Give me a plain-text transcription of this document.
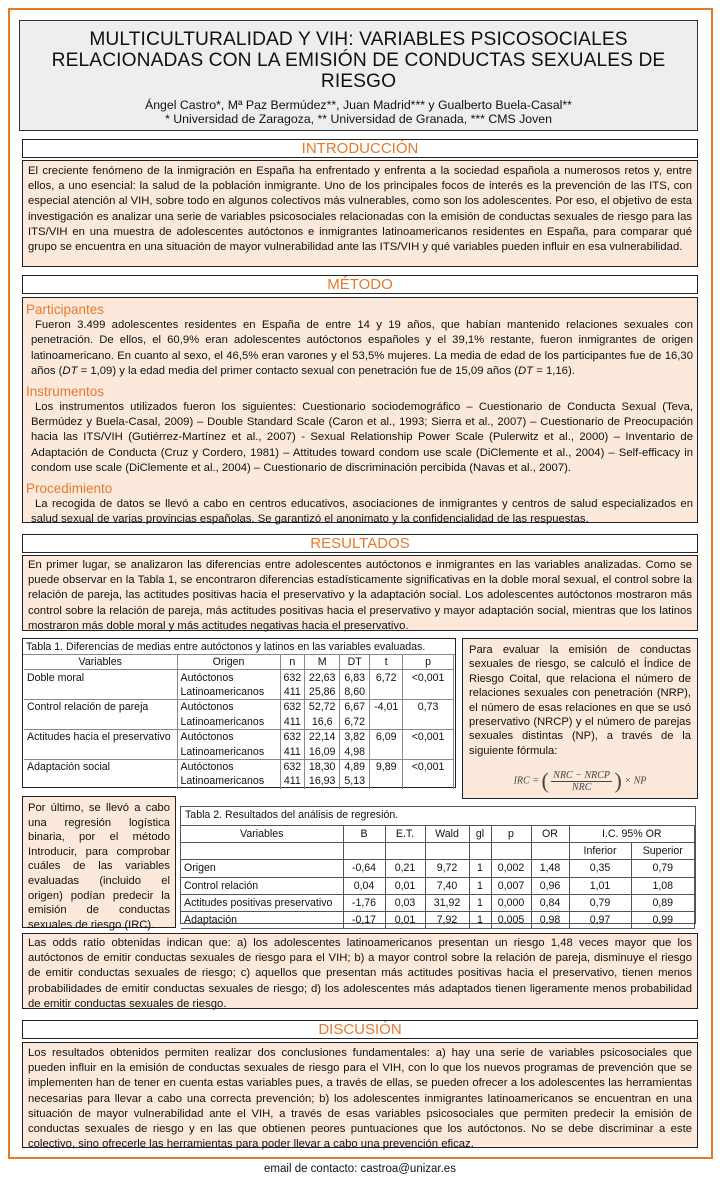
MULTICULTURALIDAD Y VIH: VARIABLES PSICOSOCIALES RELACIONADAS CON LA EMISIÓN DE CONDUCTAS SEXUALES DE RIESGO
Ángel Castro*, Mª Paz Bermúdez**, Juan Madrid*** y Gualberto Buela-Casal**
* Universidad de Zaragoza, ** Universidad de Granada, *** CMS Joven
INTRODUCCIÓN
El creciente fenómeno de la inmigración en España ha enfrentado y enfrenta a la sociedad española a numerosos retos y, entre ellos, a uno esencial: la salud de la población inmigrante. Uno de los principales focos de interés es la prevención de las ITS, con especial atención al VIH, sobre todo en algunos colectivos más vulnerables, como son los adolescentes. Por eso, el objetivo de esta investigación es analizar una serie de variables psicosociales relacionadas con la emisión de conductas sexuales de riesgo para las ITS/VIH en una muestra de adolescentes autóctonos e inmigrantes latinoamericanos residentes en España, para comparar qué grupo se encuentra en una situación de mayor vulnerabilidad ante las ITS/VIH y qué variables pueden influir en esa vulnerabilidad.
MÉTODO
Participantes
Fueron 3.499 adolescentes residentes en España de entre 14 y 19 años, que habían mantenido relaciones sexuales con penetración. De ellos, el 60,9% eran adolescentes autóctonos españoles y el 39,1% restante, fueron inmigrantes de origen latinoamericano. En cuanto al sexo, el 46,5% eran varones y el 53,5% mujeres. La media de edad de los participantes fue de 16,30 años (DT = 1,09) y la edad media del primer contacto sexual con penetración fue de 15,09 años (DT = 1,16).
Instrumentos
Los instrumentos utilizados fueron los siguientes: Cuestionario sociodemográfico – Cuestionario de Conducta Sexual (Teva, Bermúdez y Buela-Casal, 2009) – Double Standard Scale (Caron et al., 1993; Sierra et al., 2007) – Cuestionario de Preocupación hacia las ITS/VIH (Gutiérrez-Martínez et al., 2007) - Sexual Relationship Power Scale (Pulerwitz et al., 2000) – Inventario de Adaptación de Conducta (Cruz y Cordero, 1981) – Attitudes toward condom use scale (DiClemente et al., 2004) – Self-efficacy in condom use scale (DiClemente et al., 2004) – Cuestionario de discriminación percibida (Navas et al., 2007).
Procedimiento
La recogida de datos se llevó a cabo en centros educativos, asociaciones de inmigrantes y centros de salud especializados en salud sexual de varias provincias españolas. Se garantizó el anonimato y la confidencialidad de las respuestas.
RESULTADOS
En primer lugar, se analizaron las diferencias entre adolescentes autóctonos e inmigrantes en las variables analizadas. Como se puede observar en la Tabla 1, se encontraron diferencias estadísticamente significativas en la doble moral sexual, el control sobre la relación de pareja, las actitudes positivas hacia el preservativo y la adaptación social. Los adolescentes autóctonos mostraron más control sobre la relación de pareja, más actitudes positivas hacia el preservativo y mayor adaptación social, mientras que los latinos mostraron más doble moral y más actitudes negativas hacia el preservativo.
Tabla 1. Diferencias de medias entre autóctonos y latinos en las variables evaluadas.
Variables	Origen	n	M	DT	t	p
Doble moral	Autóctonos	632	22,63	6,83	6,72	<0,001
	Latinoamericanos	411	25,86	8,60		
Control relación de pareja	Autóctonos	632	52,72	6,67	-4,01	0,73
	Latinoamericanos	411	16,6	6,72		
Actitudes hacia el preservativo	Autóctonos	632	22,14	3,82	6,09	<0,001
	Latinoamericanos	411	16,09	4,98		
Adaptación social	Autóctonos	632	18,30	4,89	9,89	<0,001
	Latinoamericanos	411	16,93	5,13		
Para evaluar la emisión de conductas sexuales de riesgo, se calculó el Índice de Riesgo Coital, que relaciona el número de relaciones sexuales con penetración (NRP), el número de esas relaciones en que se usó preservativo (NRCP) y el número de parejas sexuales distintas (NP), a través de la siguiente fórmula:
IRC = ( NRC − NRCP
NRC	) × NP
Por último, se llevó a cabo una regresión logística binaria, por el método Introducir, para comprobar cuáles de las variables evaluadas (incluido el origen) podían predecir la emisión de conductas sexuales de riesgo (IRC).
Tabla 2. Resultados del análisis de regresión.
Variables	B	E.T.	Wald	gl	p	OR	I.C. 95% OR	
							Inferior	Superior
Origen	-0,64	0,21	9,72	1	0,002	1,48	0,35	0,79
Control relación	0,04	0,01	7,40	1	0,007	0,96	1,01	1,08
Actitudes positivas preservativo	-1,76	0,03	31,92	1	0,000	0,84	0,79	0,89
Adaptación	-0,17	0,01	7,92	1	0,005	0,98	0,97	0,99
Las odds ratio obtenidas indican que: a) los adolescentes latinoamericanos presentan un riesgo 1,48 veces mayor que los autóctonos de emitir conductas sexuales de riesgo para el VIH; b) a mayor control sobre la relación de pareja, disminuye el riesgo de emitir conductas sexuales de riesgo; c) aquellos que presentan más actitudes positivas hacia el preservativo, tienen menos probabilidades de emitir conductas sexuales de riesgo; d) los adolescentes más adaptados tienen ligeramente menos probabilidad de emitir conductas sexuales de riesgo.
DISCUSIÓN
Los resultados obtenidos permiten realizar dos conclusiones fundamentales: a) hay una serie de variables psicosociales que pueden influir en la emisión de conductas sexuales de riesgo para el VIH, con lo que los nuevos programas de prevención que se implementen han de tener en cuenta estas variables pues, a través de ellas, se pueden ofrecer a los adolescentes las herramientas necesarias para llevar a cabo una correcta prevención; b) los adolescentes inmigrantes latinoamericanos se encuentran en una situación de mayor vulnerabilidad ante el VIH, a través de esas variables psicosociales que permiten predecir la emisión de conductas sexuales de riesgo y en las que obtienen peores puntuaciones que los autóctonos. No se debe discriminar a este colectivo, sino ofrecerle las herramientas para poder llevar a cabo una prevención eficaz.
email de contacto: castroa@unizar.es
